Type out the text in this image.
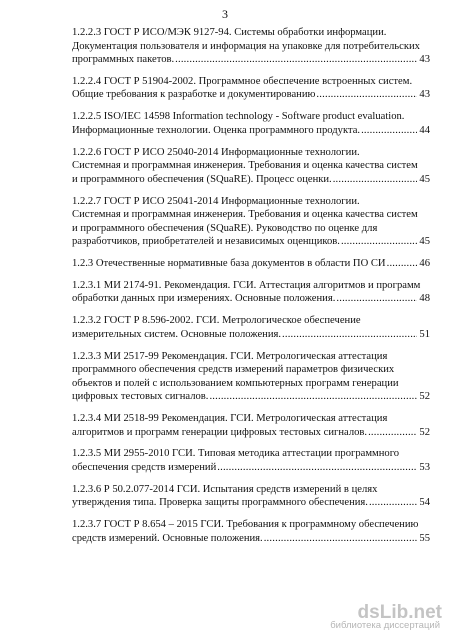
3
1.2.2.3 ГОСТ Р ИСО/МЭК 9127-94. Системы обработки информации.
Документация пользователя и информация на упаковке для потребительских
программных пакетов. .....	43
1.2.2.4 ГОСТ Р 51904-2002. Программное обеспечение встроенных систем.
Общие требования к разработке и документированию .....	43
1.2.2.5 ISO/IEC 14598 Information technology - Software product evaluation.
Информационные технологии. Оценка программного продукта. .....	44
1.2.2.6 ГОСТ Р ИСО 25040-2014 Информационные технологии.
Системная и программная инженерия. Требования и оценка качества систем
и программного обеспечения (SQuaRE). Процесс оценки. .....	45
1.2.2.7 ГОСТ Р ИСО 25041-2014 Информационные технологии.
Системная и программная инженерия. Требования и оценка качества систем
и программного обеспечения (SQuaRE). Руководство по оценке для
разработчиков, приобретателей и независимых оценщиков. .....	45
1.2.3 Отечественные нормативные база документов в области ПО СИ .....	46
1.2.3.1 МИ 2174-91. Рекомендация. ГСИ. Аттестация алгоритмов и программ
обработки данных при измерениях. Основные положения. .....	48
1.2.3.2 ГОСТ Р 8.596-2002. ГСИ. Метрологическое обеспечение
измерительных систем. Основные положения. .....	51
1.2.3.3 МИ 2517-99 Рекомендация. ГСИ. Метрологическая аттестация
программного обеспечения средств измерений параметров физических
объектов и полей с использованием компьютерных программ генерации
цифровых тестовых сигналов. .....	52
1.2.3.4 МИ 2518-99 Рекомендация. ГСИ. Метрологическая аттестация
алгоритмов и программ генерации цифровых тестовых сигналов. .....	52
1.2.3.5 МИ 2955-2010 ГСИ. Типовая методика аттестации программного
обеспечения средств измерений .....	53
1.2.3.6 Р 50.2.077-2014 ГСИ. Испытания средств измерений в целях
утверждения типа. Проверка защиты программного обеспечения. .....	54
1.2.3.7 ГОСТ Р 8.654 – 2015 ГСИ. Требования к программному обеспечению
средств измерений. Основные положения. .....	55
dsLib.net
библиотека диссертаций
